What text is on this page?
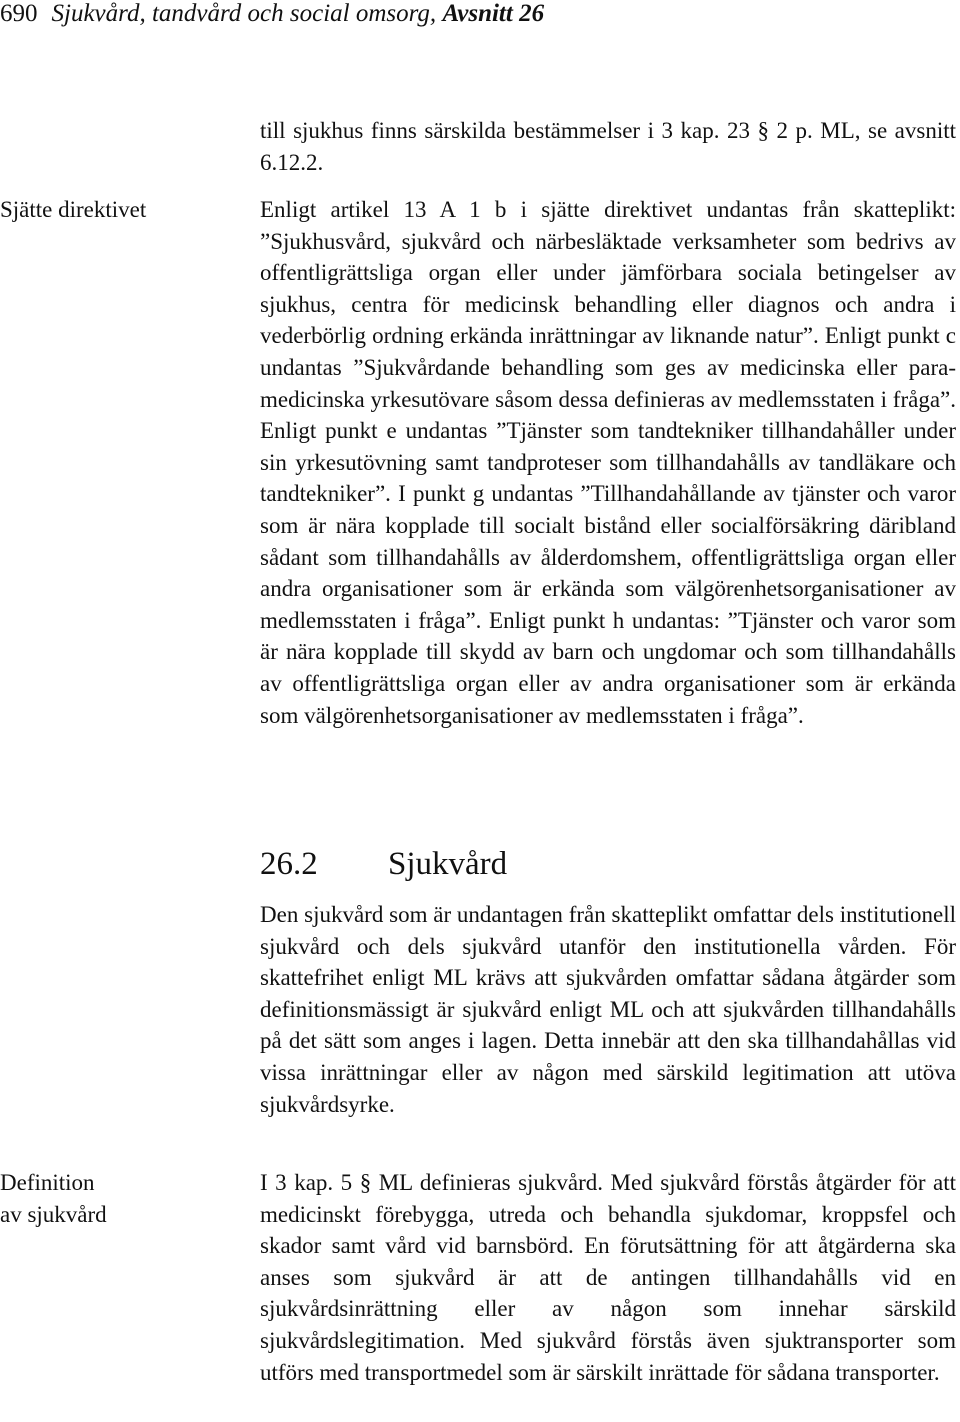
690 Sjukvård, tandvård och social omsorg, Avsnitt 26

till sjukhus finns särskilda bestämmelser i 3 kap. 23 § 2 p. ML, se avsnitt 6.12.2.

Sjätte direktivet	Enligt artikel 13 A 1 b i sjätte direktivet undantas från skatteplikt: ”Sjukhusvård, sjukvård och närbesläktade verksamheter som bedrivs av offentligrättsliga organ eller under jämförbara sociala betingelser av sjukhus, centra för medicinsk behandling eller diagnos och andra i vederbörlig ordning erkända inrättningar av liknande natur”. Enligt punkt c undantas ”Sjukvårdande behandling som ges av medicinska eller paramedicinska yrkesutövare såsom dessa definieras av medlemsstaten i fråga”. Enligt punkt e undantas ”Tjänster som tandtekniker tillhandahåller under sin yrkesutövning samt tandproteser som tillhandahålls av tandläkare och tandtekniker”. I punkt g undantas ”Tillhandahållande av tjänster och varor som är nära kopplade till socialt bistånd eller socialförsäkring däribland sådant som tillhandahålls av ålderdomshem, offentligrättsliga organ eller andra organisationer som är erkända som välgörenhetsorganisationer av medlemsstaten i fråga”. Enligt punkt h undantas: ”Tjänster och varor som är nära kopplade till skydd av barn och ungdomar och som tillhandahålls av offentligrättsliga organ eller av andra organisationer som är erkända som välgörenhetsorganisationer av medlemsstaten i fråga”.

26.2 Sjukvård

Den sjukvård som är undantagen från skatteplikt omfattar dels institutionell sjukvård och dels sjukvård utanför den institutionella vården. För skattefrihet enligt ML krävs att sjukvården omfattar sådana åtgärder som definitionsmässigt är sjukvård enligt ML och att sjukvården tillhandahålls på det sätt som anges i lagen. Detta innebär att den ska tillhandahållas vid vissa inrättningar eller av någon med särskild legitimation att utöva sjukvårdsyrke.

Definition
av sjukvård

I 3 kap. 5 § ML definieras sjukvård. Med sjukvård förstås åtgärder för att medicinskt förebygga, utreda och behandla sjukdomar, kroppsfel och skador samt vård vid barnsbörd. En förutsättning för att åtgärderna ska anses som sjukvård är att de antingen tillhandahålls vid en sjukvårdsinrättning eller av någon som innehar särskild sjukvårdslegitimation. Med sjukvård förstås även sjuktransporter som utförs med transportmedel som är särskilt inrättade för sådana transporter.
